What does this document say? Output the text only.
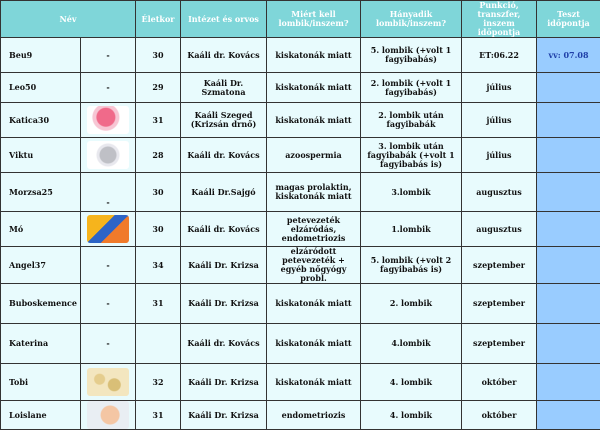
Név		Életkor	Intézet és orvos	Miért kell lombik/inszem?	Hányadik lombik/inszem?	Punkció, transzfer, inszem időpontja	Teszt időpontja
Beu9	-	30	Kaáli dr. Kovács	kiskatonák miatt	5. lombik (+volt 1 fagyibabás)	ET:06.22	vv: 07.08
Leo50	-	29	Kaáli Dr. Szmatona	kiskatonák miatt	2. lombik (+volt 1 fagyibabás)	július	
Katica30		31	Kaáli Szeged (Krizsán drnő)	kiskatonák miatt	2. lombik után fagyibabák	július	
Viktu		28	Kaáli dr. Kovács	azoospermia	3. lombik után fagyibabák (+volt 1 fagyibabás is)	július	
Morzsa25	-	30	Kaáli Dr.Sajgó	magas prolaktin, kiskatonák miatt	3.lombik	augusztus	
Mó		30	Kaáli dr. Kovács	petevezeték elzáródás, endometriozis	1.lombik	augusztus	
Angel37	-	34	Kaáli Dr. Krizsa	elzáródott petevezeték + egyéb nőgyógy probl.	5. lombik (+volt 2 fagyibabás is)	szeptember	
Buboskemence	-	31	Kaáli Dr. Krizsa	kiskatonák miatt	2. lombik	szeptember	
Katerina	-		Kaáli dr. Kovács	kiskatonák miatt	4.lombik	szeptember	
Tobi		32	Kaáli Dr. Krizsa	kiskatonák miatt	4. lombik	október	
Loislane		31	Kaáli Dr. Krizsa	endometriozis	4. lombik	október	
